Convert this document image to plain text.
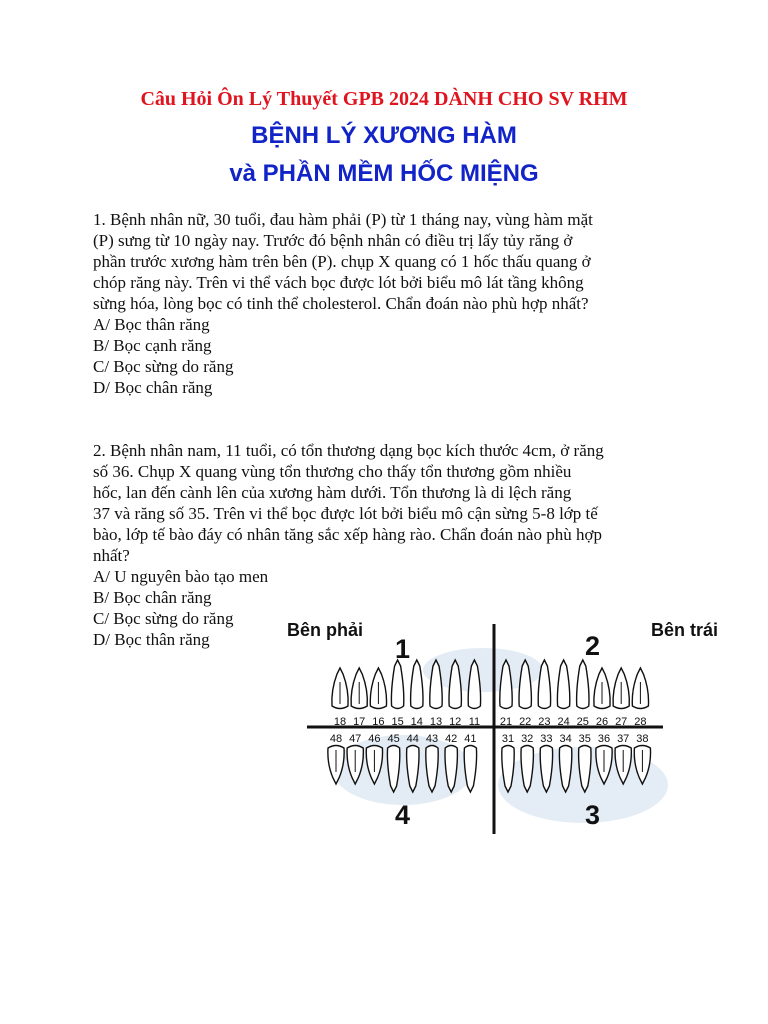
Câu Hỏi Ôn Lý Thuyết GPB 2024 DÀNH CHO SV RHM
BỆNH LÝ XƯƠNG HÀM
và PHẦN MỀM HỐC MIỆNG
1. Bệnh nhân nữ, 30 tuổi, đau hàm phải (P) từ 1 tháng nay, vùng hàm mặt
(P) sưng từ 10 ngày nay. Trước đó bệnh nhân có điều trị lấy tủy răng ở
phần trước xương hàm trên bên (P). chụp X quang có 1 hốc thấu quang ở
chóp răng này. Trên vi thể vách bọc được lót bởi biểu mô lát tầng không
sừng hóa, lòng bọc có tinh thể cholesterol. Chẩn đoán nào phù hợp nhất?
A/ Bọc thân răng
B/ Bọc cạnh răng
C/ Bọc sừng do răng
D/ Bọc chân răng
2. Bệnh nhân nam, 11 tuổi, có tổn thương dạng bọc kích thước 4cm, ở răng
số 36. Chụp X quang vùng tổn thương cho thấy tổn thương gồm nhiều
hốc, lan đến cành lên của xương hàm dưới. Tổn thương là di lệch răng
37 và răng số 35. Trên vi thể bọc được lót bởi biểu mô cận sừng 5-8 lớp tế
bào, lớp tế bào đáy có nhân tăng sắc xếp hàng rào. Chẩn đoán nào phù hợp
nhất?
A/ U nguyên bào tạo men
B/ Bọc chân răng
C/ Bọc sừng do răng
D/ Bọc thân răng	Bên phải	Bên trái
1	2
3
4
18 17 16 15 14 13 12 11 21 22 23 24 25 26 27 28
48 47 46 45 44 43 42 41 31 32 33 34 35 36 37 38
